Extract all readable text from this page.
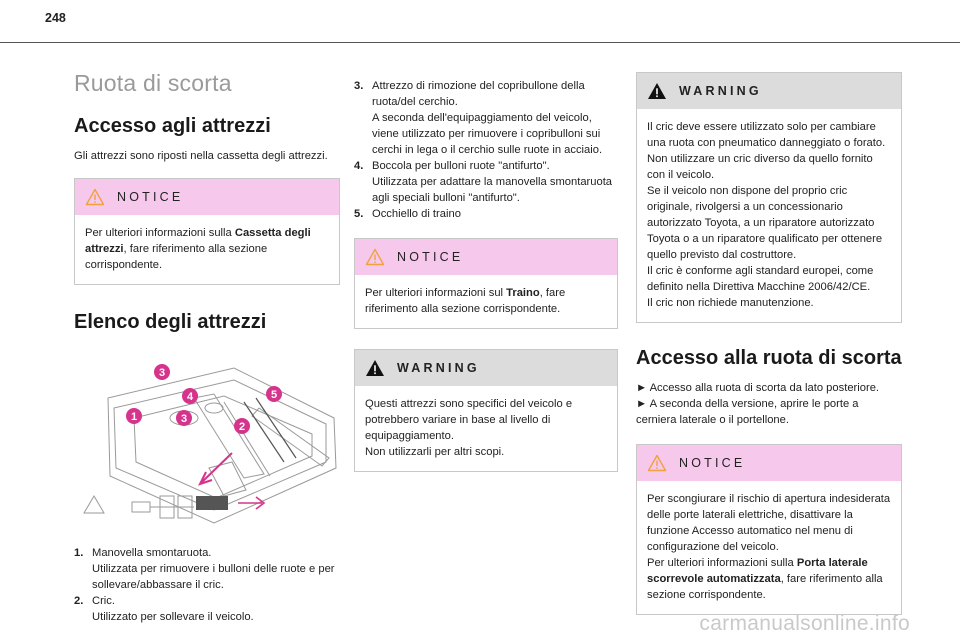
248
Ruota di scorta
Accesso agli attrezzi

Gli attrezzi sono riposti nella cassetta degli attrezzi.

NOTICE
Per ulteriori informazioni sulla Cassetta degli attrezzi, fare riferimento alla sezione corrispondente.
Elenco degli attrezzi
3
4
1	3
5
2
1. Manovella smontaruota.
Utilizzata per rimuovere i bulloni delle ruote e per sollevare/abbassare il cric.
2. Cric.
Utilizzato per sollevare il veicolo.
3. Attrezzo di rimozione del copribullone della ruota/del cerchio.
A seconda dell'equipaggiamento del veicolo, viene utilizzato per rimuovere i copribulloni sui cerchi in lega o il cerchio sulle ruote in acciaio.
4. Boccola per bulloni ruote "antifurto".
Utilizzata per adattare la manovella smontaruota agli speciali bulloni "antifurto".
5. Occhiello di traino
NOTICE
Per ulteriori informazioni sul Traino, fare riferimento alla sezione corrispondente.
WARNING
Questi attrezzi sono specifici del veicolo e potrebbero variare in base al livello di equipaggiamento.
Non utilizzarli per altri scopi.
WARNING
Il cric deve essere utilizzato solo per cambiare una ruota con pneumatico danneggiato o forato.
Non utilizzare un cric diverso da quello fornito con il veicolo.
Se il veicolo non dispone del proprio cric originale, rivolgersi a un concessionario autorizzato Toyota, a un riparatore autorizzato Toyota o a un riparatore qualificato per ottenere quello previsto dal costruttore.
Il cric è conforme agli standard europei, come definito nella Direttiva Macchine 2006/42/CE.
Il cric non richiede manutenzione.
Accesso alla ruota di scorta

► Accesso alla ruota di scorta da lato posteriore.

► A seconda della versione, aprire le porte a cerniera laterale o il portellone.

NOTICE
Per scongiurare il rischio di apertura indesiderata delle porte laterali elettriche, disattivare la funzione Accesso automatico nel menu di configurazione del veicolo.
Per ulteriori informazioni sulla Porta laterale scorrevole automatizzata, fare riferimento alla sezione corrispondente.
carmanualsonline.info
